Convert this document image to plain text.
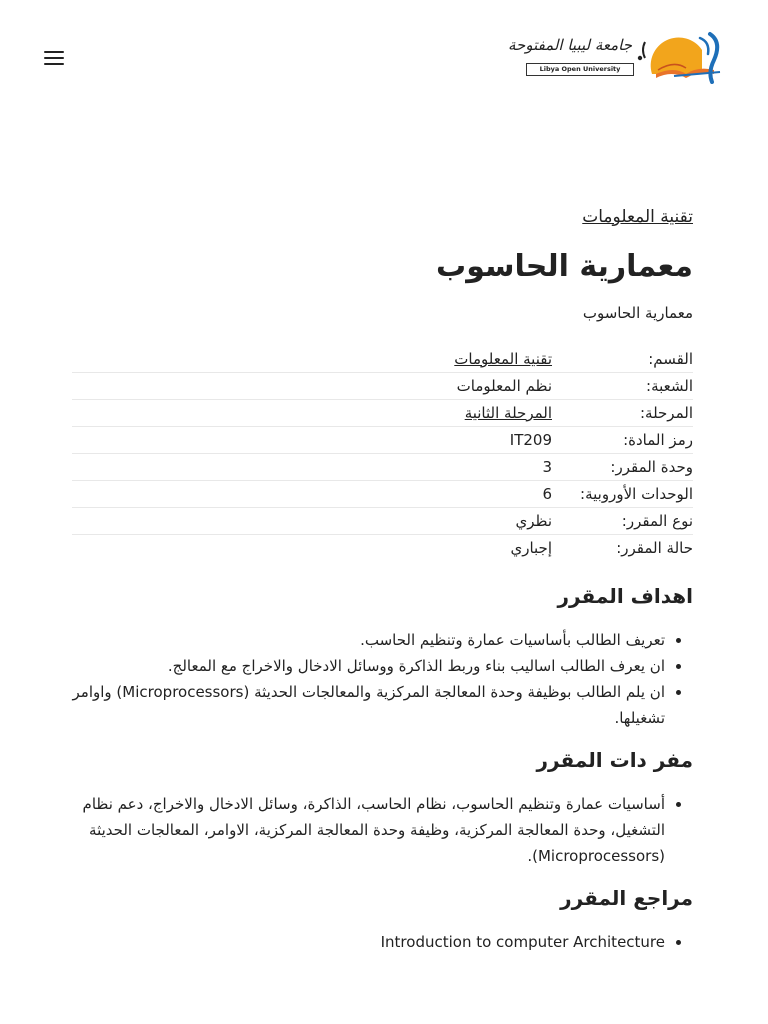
جامعة ليبيا المفتوحة
Libya Open University
تقنية المعلومات
معمارية الحاسوب

معمارية الحاسوب

القسم:	تقنية المعلومات
الشعبة:	نظم المعلومات
المرحلة:	المرحلة الثانية
رمز المادة:	IT209
وحدة المقرر:	3
الوحدات الأوروبية:	6
نوع المقرر:	نظري
حالة المقرر:	إجباري
اهداف المقرر
• تعريف الطالب بأساسيات عمارة وتنظيم الحاسب.
• ان يعرف الطالب اساليب بناء وربط الذاكرة ووسائل الادخال والاخراج مع المعالج.
• ان يلم الطالب بوظيفة وحدة المعالجة المركزية والمعالجات الحديثة (Microprocessors) واوامر تشغيلها.
مفر دات المقرر
• أساسيات عمارة وتنظيم الحاسوب، نظام الحاسب، الذاكرة، وسائل الادخال والاخراج، دعم نظام التشغيل، وحدة المعالجة المركزية، وظيفة وحدة المعالجة المركزية، الاوامر، المعالجات الحديثة (Microprocessors).
مراجع المقرر
• Introduction to computer Architecture
